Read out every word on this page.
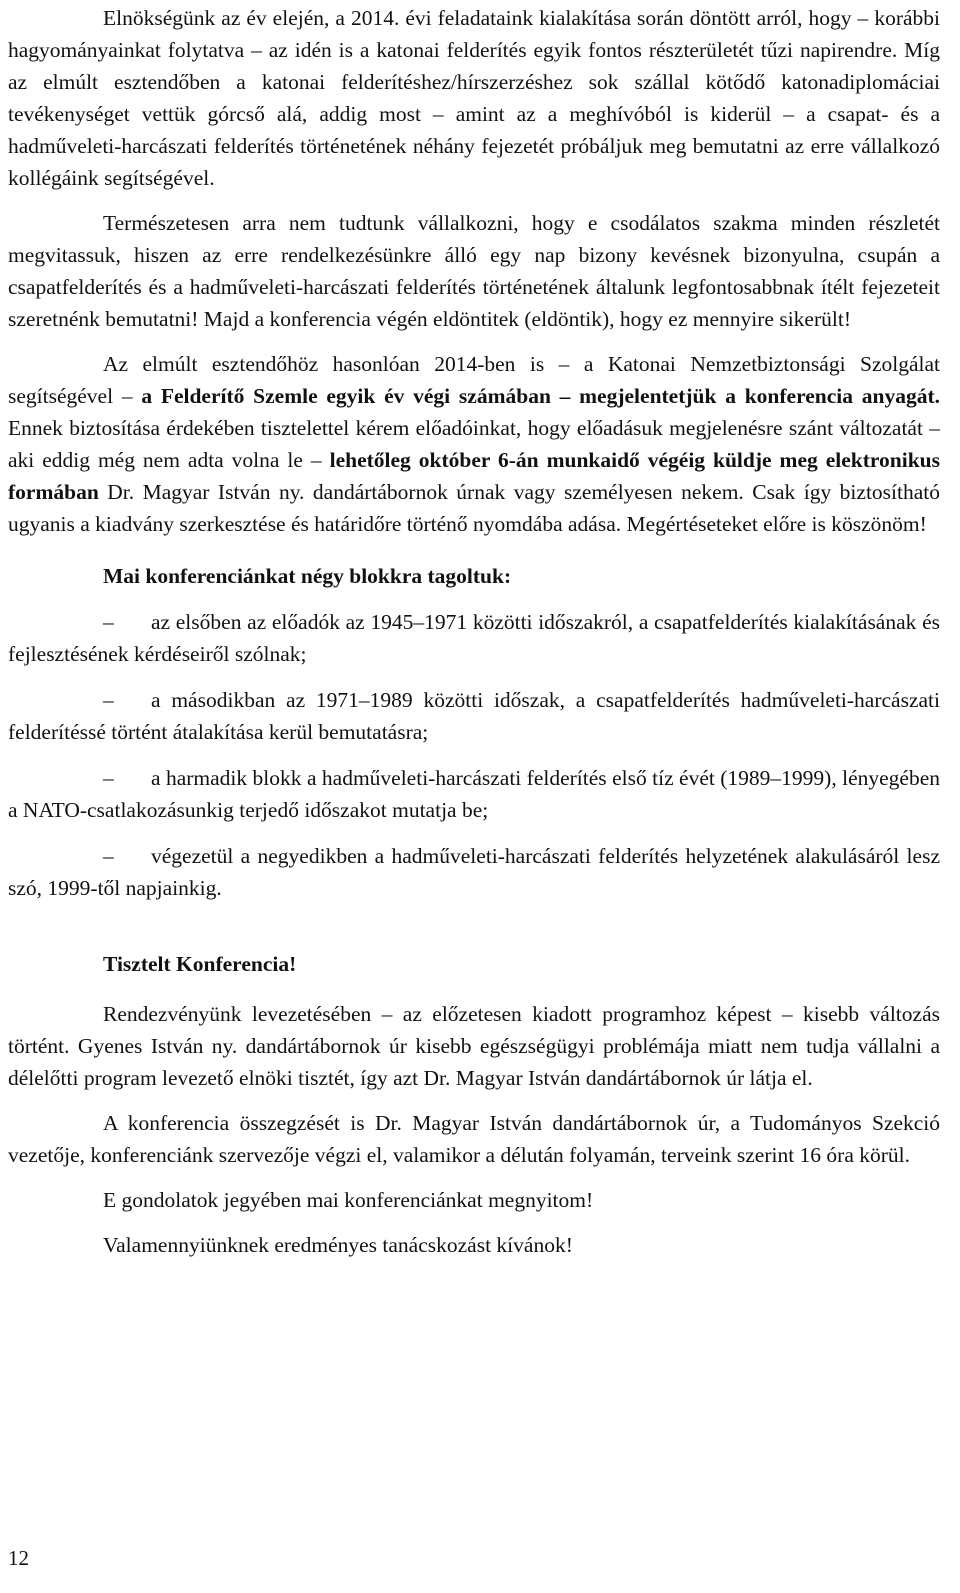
Elnökségünk az év elején, a 2014. évi feladataink kialakítása során döntött arról, hogy – korábbi hagyományainkat folytatva – az idén is a katonai felderítés egyik fontos részterületét tűzi napirendre. Míg az elmúlt esztendőben a katonai felderítéshez/hírszerzéshez sok szállal kötődő katonadiplomáciai tevékenységet vettük górcső alá, addig most – amint az a meghívóból is kiderül – a csapat- és a hadműveleti-harcászati felderítés történetének néhány fejezetét próbáljuk meg bemutatni az erre vállalkozó kollégáink segítségével.

Természetesen arra nem tudtunk vállalkozni, hogy e csodálatos szakma minden részletét megvitassuk, hiszen az erre rendelkezésünkre álló egy nap bizony kevésnek bizonyulna, csupán a csapatfelderítés és a hadműveleti-harcászati felderítés történetének általunk legfontosabbnak ítélt fejezeteit szeretnénk bemutatni! Majd a konferencia végén eldöntitek (eldöntik), hogy ez mennyire sikerült!

Az elmúlt esztendőhöz hasonlóan 2014-ben is – a Katonai Nemzetbiztonsági Szolgálat segítségével – a Felderítő Szemle egyik év végi számában – megjelentetjük a konferencia anyagát. Ennek biztosítása érdekében tisztelettel kérem előadóinkat, hogy előadásuk megjelenésre szánt változatát – aki eddig még nem adta volna le – lehetőleg október 6-án munkaidő végéig küldje meg elektronikus formában Dr. Magyar István ny. dandártábornok úrnak vagy személyesen nekem. Csak így biztosítható ugyanis a kiadvány szerkesztése és határidőre történő nyomdába adása. Megértéseteket előre is köszönöm!

Mai konferenciánkat négy blokkra tagoltuk:

– az elsőben az előadók az 1945–1971 közötti időszakról, a csapatfelderítés kialakításának és fejlesztésének kérdéseiről szólnak;

– a másodikban az 1971–1989 közötti időszak, a csapatfelderítés hadműveleti-harcászati felderítéssé történt átalakítása kerül bemutatásra;

– a harmadik blokk a hadműveleti-harcászati felderítés első tíz évét (1989–1999), lényegében a NATO-csatlakozásunkig terjedő időszakot mutatja be;

– végezetül a negyedikben a hadműveleti-harcászati felderítés helyzetének alakulásáról lesz szó, 1999-től napjainkig.

Tisztelt Konferencia!

Rendezvényünk levezetésében – az előzetesen kiadott programhoz képest – kisebb változás történt. Gyenes István ny. dandártábornok úr kisebb egészségügyi problémája miatt nem tudja vállalni a délelőtti program levezető elnöki tisztét, így azt Dr. Magyar István dandártábornok úr látja el.

A konferencia összegzését is Dr. Magyar István dandártábornok úr, a Tudományos Szekció vezetője, konferenciánk szervezője végzi el, valamikor a délután folyamán, terveink szerint 16 óra körül.

E gondolatok jegyében mai konferenciánkat megnyitom!

Valamennyiünknek eredményes tanácskozást kívánok!

12
